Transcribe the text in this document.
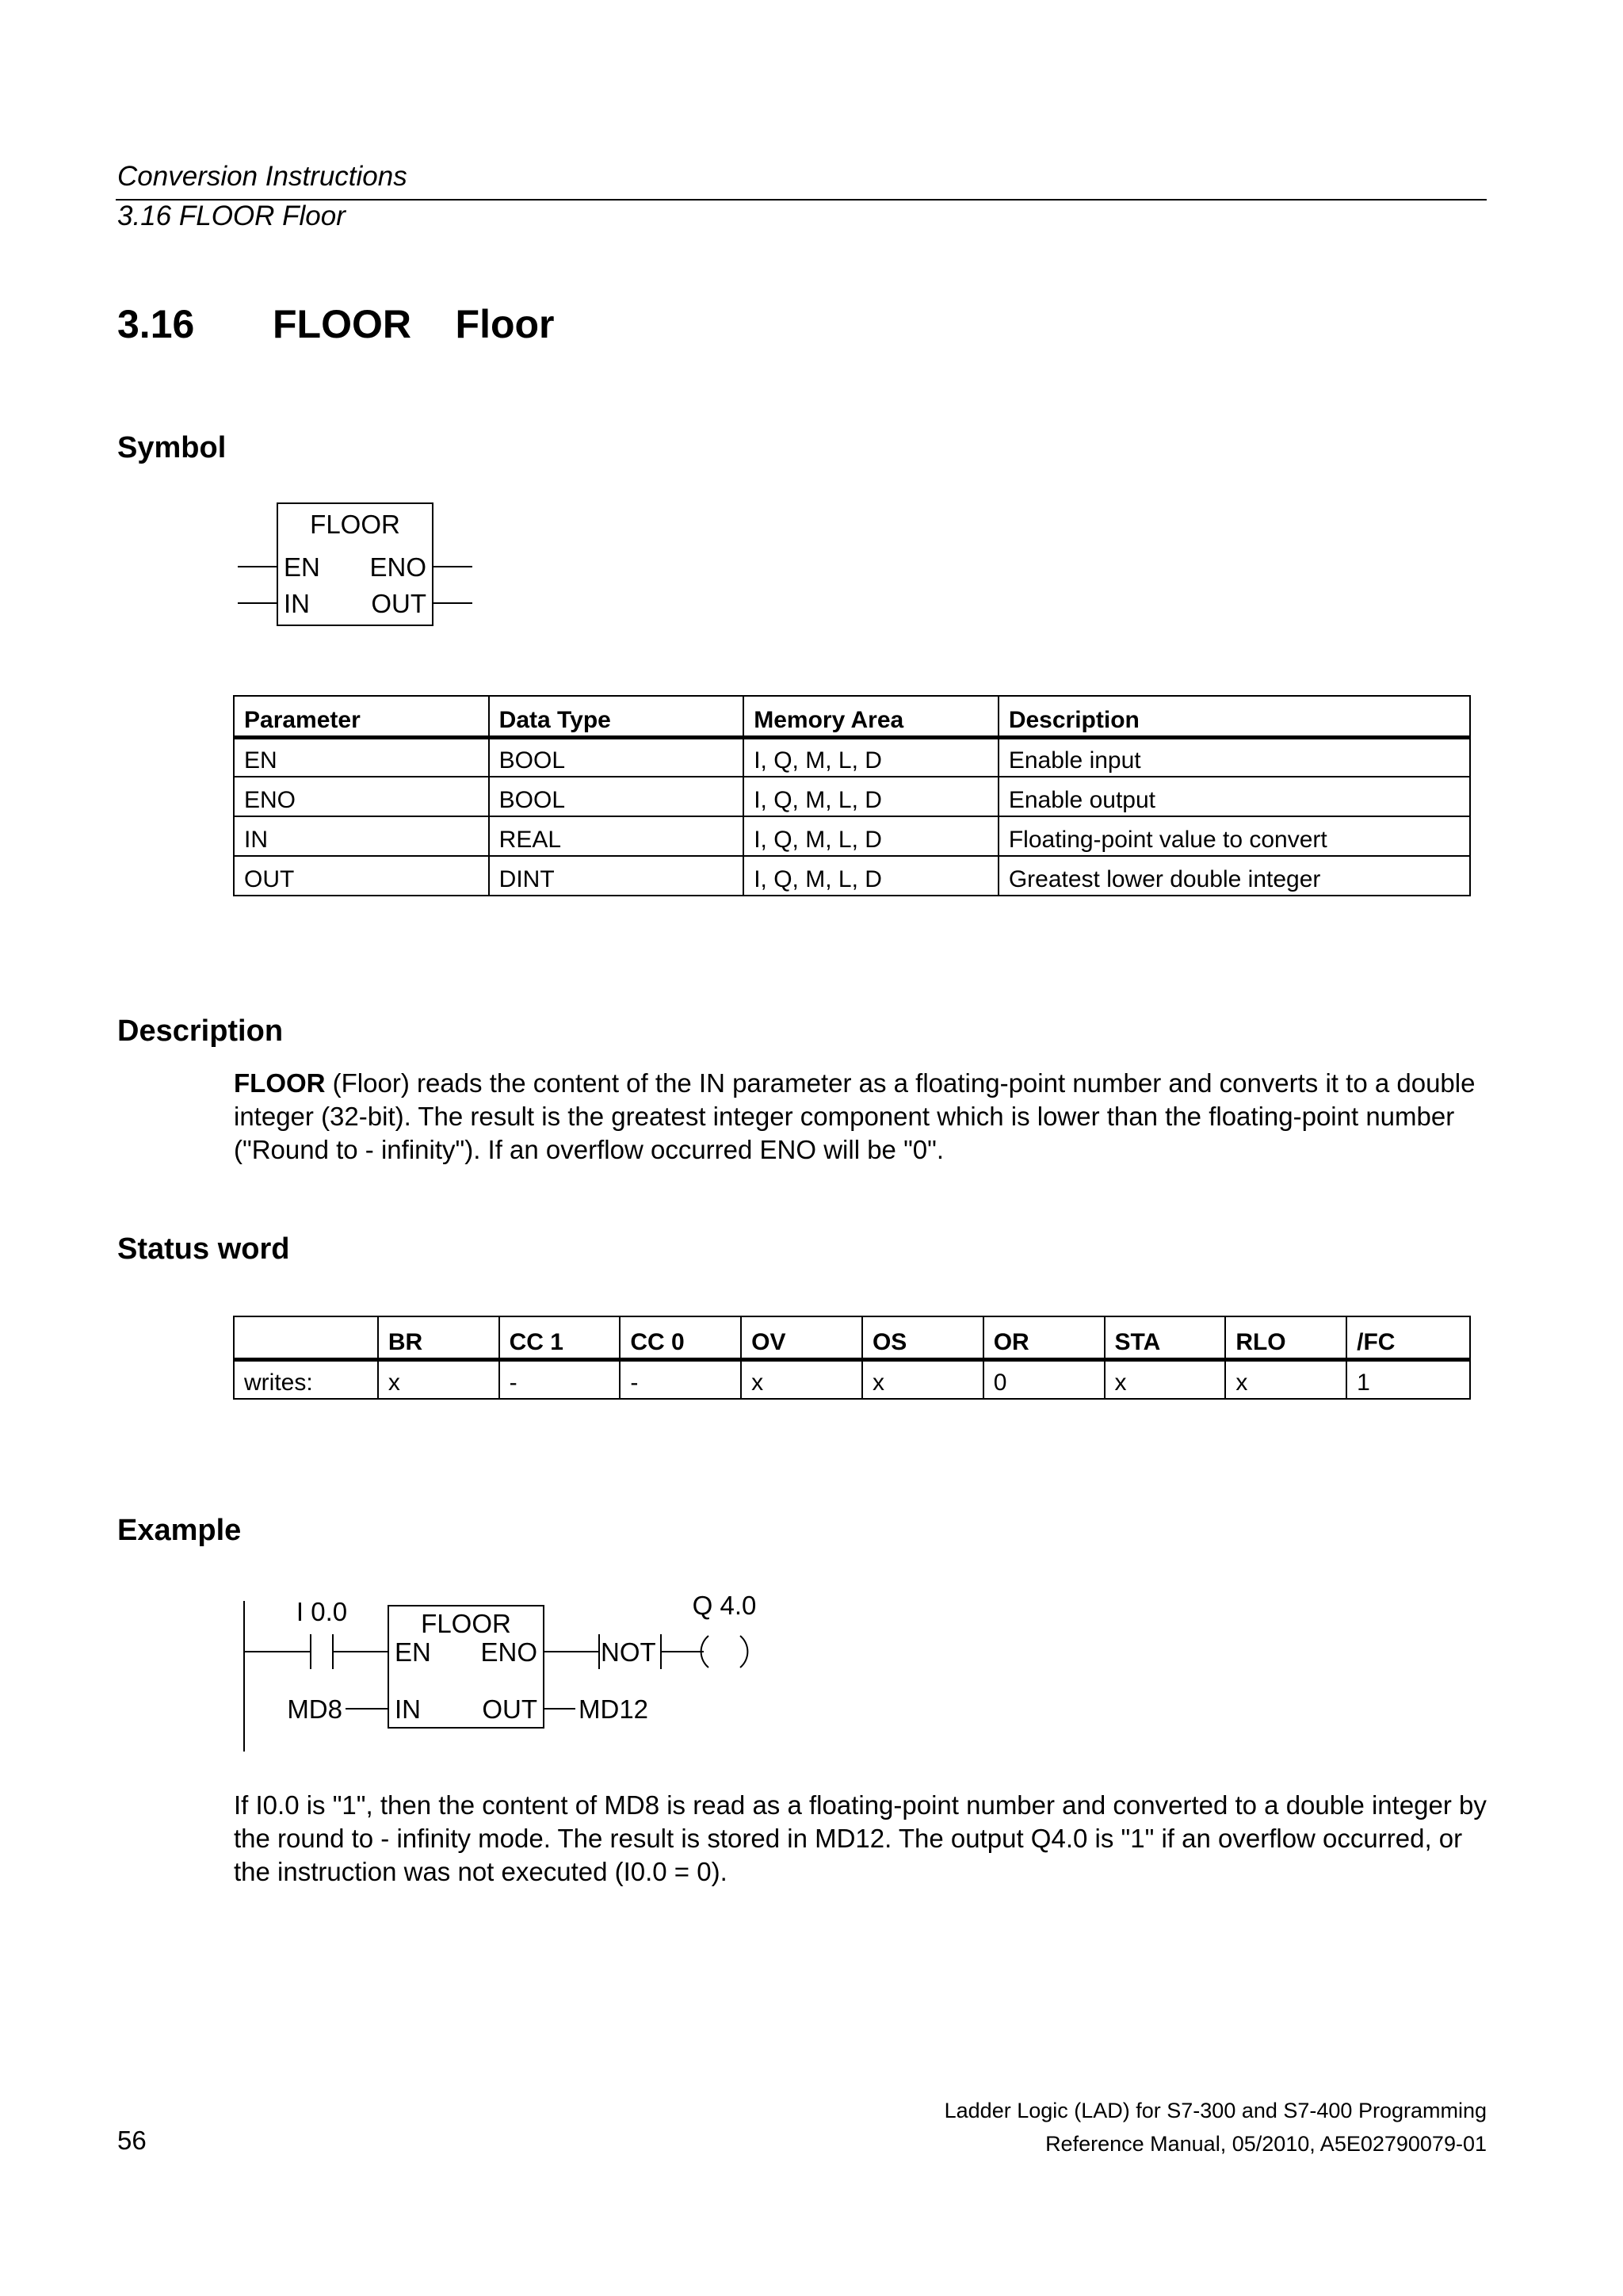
Conversion Instructions
3.16 FLOOR Floor
3.16 FLOOR    Floor
Symbol
FLOOR
EN ENO
IN OUT
Parameter	Data Type	Memory Area	Description
EN	BOOL	I, Q, M, L, D	Enable input
ENO	BOOL	I, Q, M, L, D	Enable output
IN	REAL	I, Q, M, L, D	Floating-point value to convert
OUT	DINT	I, Q, M, L, D	Greatest lower double integer
Description
FLOOR (Floor) reads the content of the IN parameter as a floating-point number and converts it to a double integer (32-bit). The result is the greatest integer component which is lower than the floating-point number ("Round to - infinity"). If an overflow occurred ENO will be "0".
Status word
	BR	CC 1	CC 0	OV	OS	OR	STA	RLO	/FC
writes:	x	-	-	x	x	0	x	x	1
Example
I 0.0	FLOOR
EN ENO
IN OUT
MD8	MD12
NOT
Q 4.0
If I0.0 is "1", then the content of MD8 is read as a floating-point number and converted to a double integer by the round to - infinity mode. The result is stored in MD12. The output Q4.0 is "1" if an overflow occurred, or the instruction was not executed (I0.0 = 0).
56
Ladder Logic (LAD) for S7-300 and S7-400 Programming
Reference Manual, 05/2010, A5E02790079-01
